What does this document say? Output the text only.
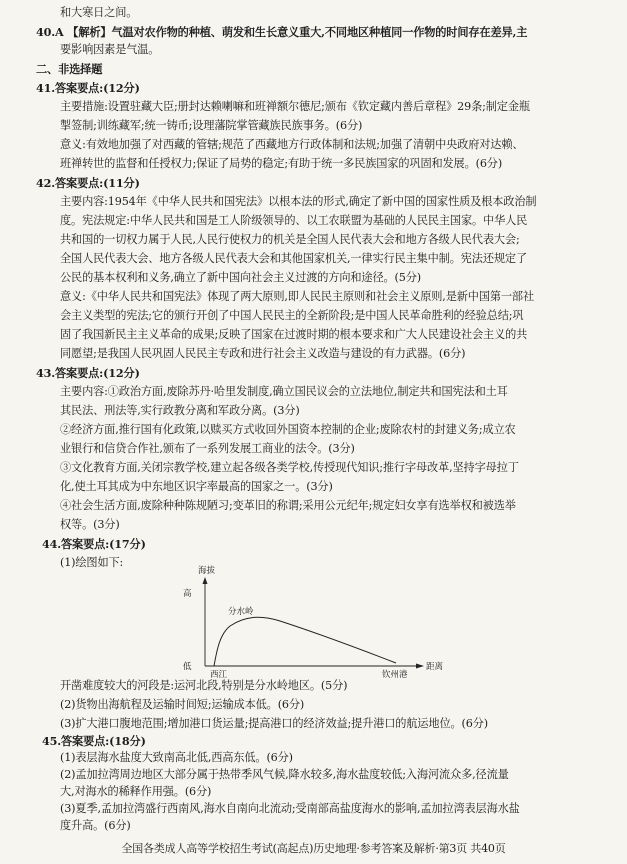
和大寒日之间。
40.A 【解析】气温对农作物的种植、萌发和生长意义重大,不同地区种植同一作物的时间存在差异,主
要影响因素是气温。
二、非选择题
41.答案要点:(12分)
主要措施:设置驻藏大臣;册封达赖喇嘛和班禅额尔德尼;颁布《钦定藏内善后章程》29条;制定金瓶
掣签制;训练藏军;统一铸币;设理藩院掌管藏族民族事务。(6分)
意义:有效地加强了对西藏的管辖;规范了西藏地方行政体制和法规;加强了清朝中央政府对达赖、
班禅转世的监督和任授权力;保证了局势的稳定;有助于统一多民族国家的巩固和发展。(6分)
42.答案要点:(11分)
主要内容:1954年《中华人民共和国宪法》以根本法的形式,确定了新中国的国家性质及根本政治制
度。宪法规定:中华人民共和国是工人阶级领导的、以工农联盟为基础的人民民主国家。中华人民
共和国的一切权力属于人民,人民行使权力的机关是全国人民代表大会和地方各级人民代表大会;
全国人民代表大会、地方各级人民代表大会和其他国家机关,一律实行民主集中制。宪法还规定了
公民的基本权利和义务,确立了新中国向社会主义过渡的方向和途径。(5分)
意义:《中华人民共和国宪法》体现了两大原则,即人民民主原则和社会主义原则,是新中国第一部社
会主义类型的宪法;它的颁行开创了中国人民民主的全新阶段;是中国人民革命胜利的经验总结;巩
固了我国新民主主义革命的成果;反映了国家在过渡时期的根本要求和广大人民建设社会主义的共
同愿望;是我国人民巩固人民民主专政和进行社会主义改造与建设的有力武器。(6分)
43.答案要点:(12分)
主要内容:①政治方面,废除苏丹·哈里发制度,确立国民议会的立法地位,制定共和国宪法和土耳
其民法、刑法等,实行政教分离和军政分离。(3分)
②经济方面,推行国有化政策,以赎买方式收回外国资本控制的企业;废除农村的封建义务;成立农
业银行和信贷合作社,颁布了一系列发展工商业的法令。(3分)
③文化教育方面,关闭宗教学校,建立起各级各类学校,传授现代知识;推行字母改革,坚持字母拉丁
化,使土耳其成为中东地区识字率最高的国家之一。(3分)
④社会生活方面,废除种种陈规陋习;变革旧的称谓;采用公元纪年;规定妇女享有选举权和被选举
权等。(3分)
44.答案要点:(17分)
(1)绘图如下:
海拔
高
低	距离
西江	钦州港
分水岭
开凿难度较大的河段是:运河北段,特别是分水岭地区。(5分)
(2)货物出海航程及运输时间短;运输成本低。(6分)
(3)扩大港口腹地范围;增加港口货运量;提高港口的经济效益;提升港口的航运地位。(6分)
45.答案要点:(18分)
(1)表层海水盐度大致南高北低,西高东低。(6分)
(2)孟加拉湾周边地区大部分属于热带季风气候,降水较多,海水盐度较低;入海河流众多,径流量
大,对海水的稀释作用强。(6分)
(3)夏季,孟加拉湾盛行西南风,海水自南向北流动;受南部高盐度海水的影响,孟加拉湾表层海水盐
度升高。(6分)
全国各类成人高等学校招生考试(高起点)历史地理·参考答案及解析·第3页 共40页
